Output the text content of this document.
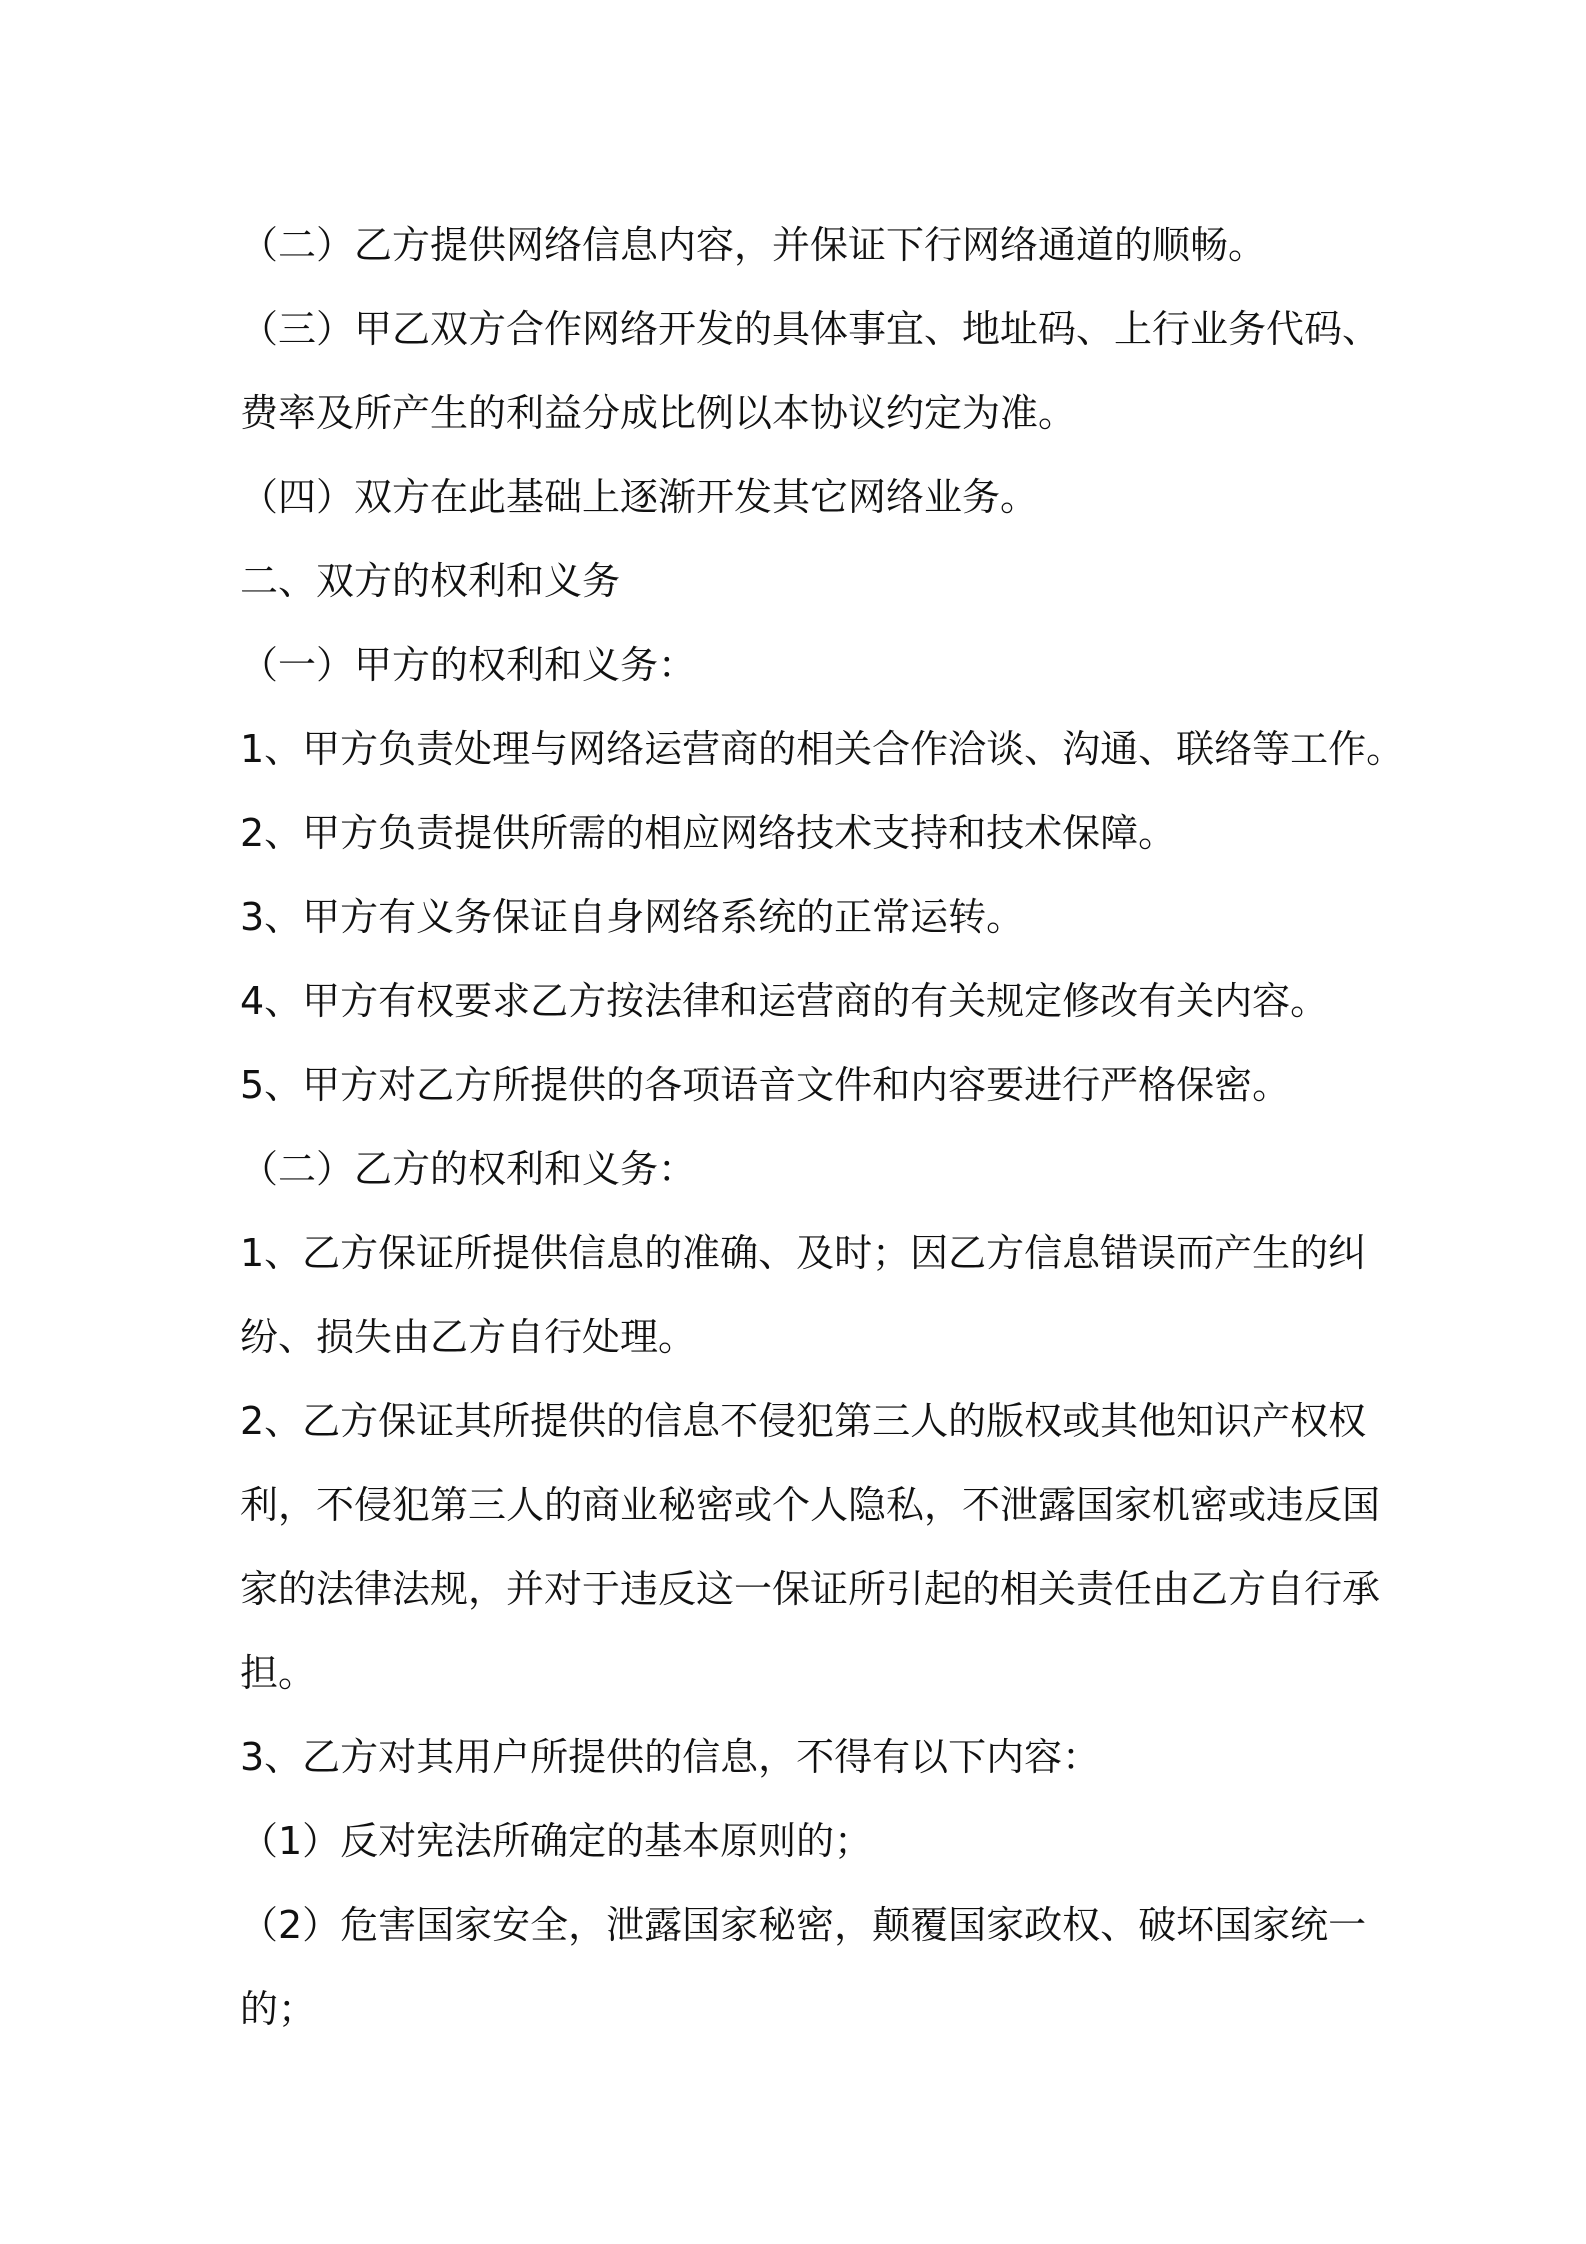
（二）乙方提供网络信息内容，并保证下行网络通道的顺畅。

（三）甲乙双方合作网络开发的具体事宜、地址码、上行业务代码、

费率及所产生的利益分成比例以本协议约定为准。

（四）双方在此基础上逐渐开发其它网络业务。

二、双方的权利和义务

（一）甲方的权利和义务：

1、甲方负责处理与网络运营商的相关合作洽谈、沟通、联络等工作。

2、甲方负责提供所需的相应网络技术支持和技术保障。

3、甲方有义务保证自身网络系统的正常运转。

4、甲方有权要求乙方按法律和运营商的有关规定修改有关内容。

5、甲方对乙方所提供的各项语音文件和内容要进行严格保密。

（二）乙方的权利和义务：

1、乙方保证所提供信息的准确、及时；因乙方信息错误而产生的纠

纷、损失由乙方自行处理。

2、乙方保证其所提供的信息不侵犯第三人的版权或其他知识产权权

利，不侵犯第三人的商业秘密或个人隐私，不泄露国家机密或违反国

家的法律法规，并对于违反这一保证所引起的相关责任由乙方自行承

担。

3、乙方对其用户所提供的信息，不得有以下内容：

（1）反对宪法所确定的基本原则的；

（2）危害国家安全，泄露国家秘密，颠覆国家政权、破坏国家统一

的；
